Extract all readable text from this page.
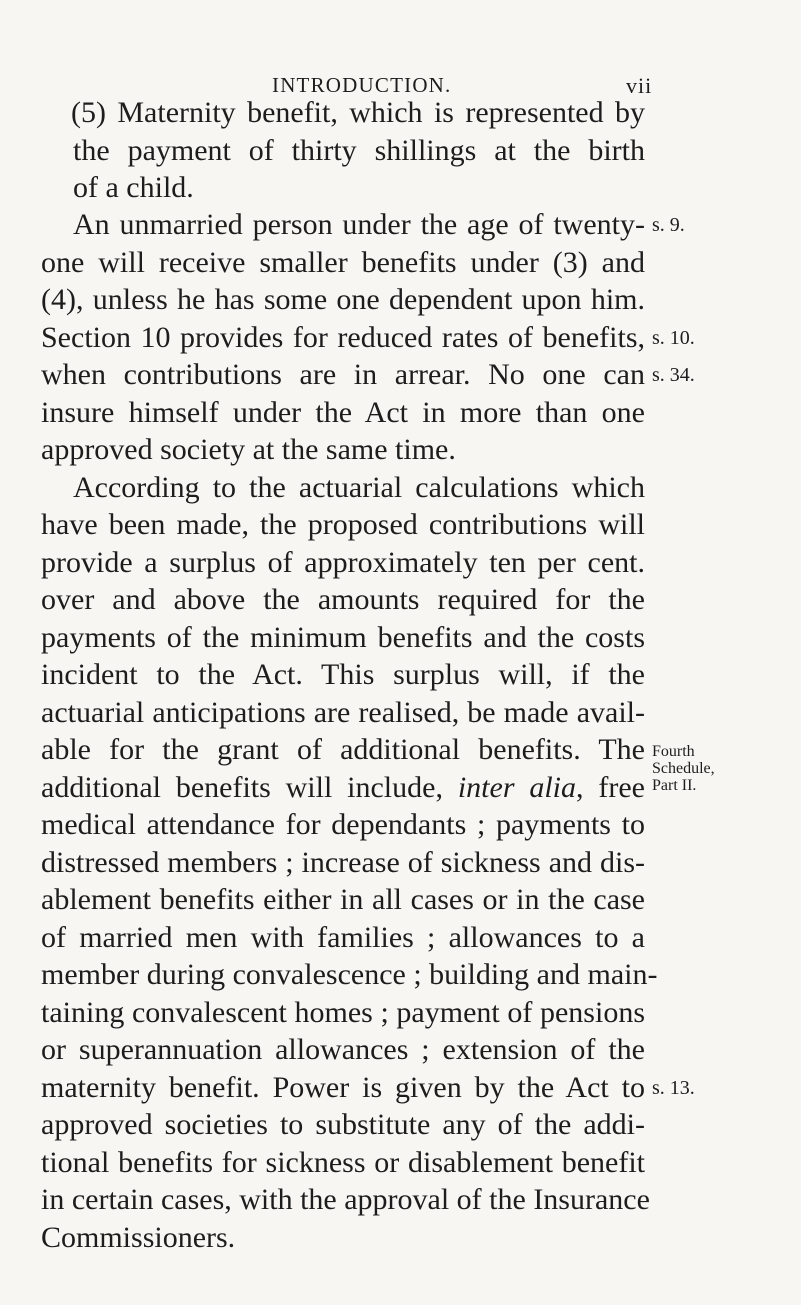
INTRODUCTION.	vii
(5) Maternity benefit, which is represented by
the payment of thirty shillings at the birth
of a child.
An unmarried person under the age of twenty-
one will receive smaller benefits under (3) and
(4), unless he has some one dependent upon him.
Section 10 provides for reduced rates of benefits,
when contributions are in arrear. No one can
insure himself under the Act in more than one
approved society at the same time.
According to the actuarial calculations which
have been made, the proposed contributions will
provide a surplus of approximately ten per cent.
over and above the amounts required for the
payments of the minimum benefits and the costs
incident to the Act. This surplus will, if the
actuarial anticipations are realised, be made avail-
able for the grant of additional benefits. The
additional benefits will include, inter alia, free
medical attendance for dependants ; payments to
distressed members ; increase of sickness and dis-
ablement benefits either in all cases or in the case
of married men with families ; allowances to a
member during convalescence ; building and main-
taining convalescent homes ; payment of pensions
or superannuation allowances ; extension of the
maternity benefit. Power is given by the Act to
approved societies to substitute any of the addi-
tional benefits for sickness or disablement benefit
in certain cases, with the approval of the Insurance
Commissioners.
s. 9.
s. 10.
s. 34.
Fourth
Schedule,
Part II.
s. 13.
